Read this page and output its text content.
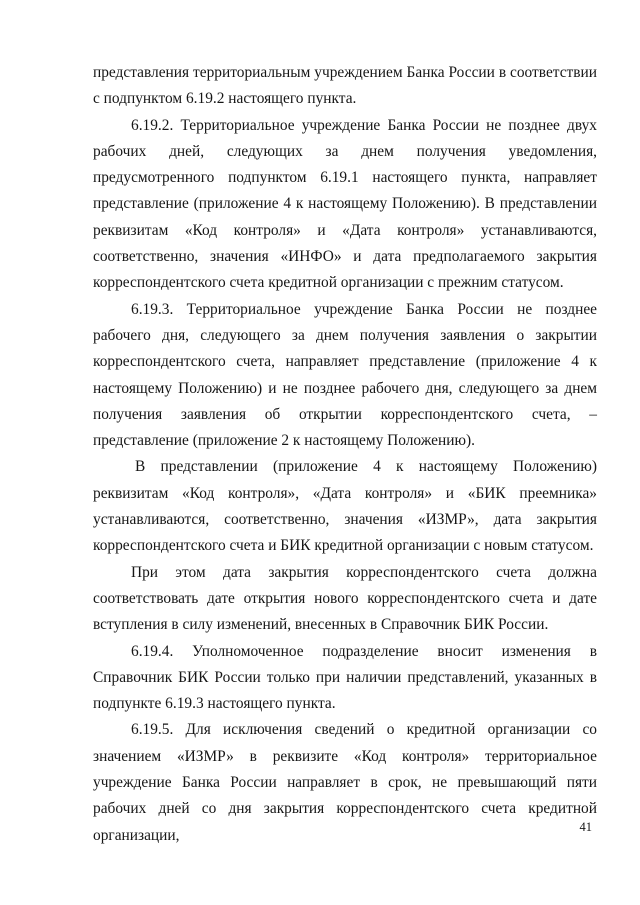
представления территориальным учреждением Банка России в соответствии с подпунктом 6.19.2 настоящего пункта.

6.19.2. Территориальное учреждение Банка России не позднее двух рабочих дней, следующих за днем получения уведомления, предусмотренного подпунктом 6.19.1 настоящего пункта, направляет представление (приложение 4 к настоящему Положению). В представлении реквизитам «Код контроля» и «Дата контроля» устанавливаются, соответственно, значения «ИНФО» и дата предполагаемого закрытия корреспондентского счета кредитной организации с прежним статусом.

6.19.3. Территориальное учреждение Банка России не позднее рабочего дня, следующего за днем получения заявления о закрытии корреспондентского счета, направляет представление (приложение 4 к настоящему Положению) и не позднее рабочего дня, следующего за днем получения заявления об открытии корреспондентского счета, – представление (приложение 2 к настоящему Положению).

В представлении (приложение 4 к настоящему Положению) реквизитам «Код контроля», «Дата контроля» и «БИК преемника» устанавливаются, соответственно, значения «ИЗМР», дата закрытия корреспондентского счета и БИК кредитной организации с новым статусом.

При этом дата закрытия корреспондентского счета должна соответствовать дате открытия нового корреспондентского счета и дате вступления в силу изменений, внесенных в Справочник БИК России.

6.19.4. Уполномоченное подразделение вносит изменения в Справочник БИК России только при наличии представлений, указанных в подпункте 6.19.3 настоящего пункта.

6.19.5. Для исключения сведений о кредитной организации со значением «ИЗМР» в реквизите «Код контроля» территориальное учреждение Банка России направляет в срок, не превышающий пяти рабочих дней со дня закрытия корреспондентского счета кредитной организации,	41
